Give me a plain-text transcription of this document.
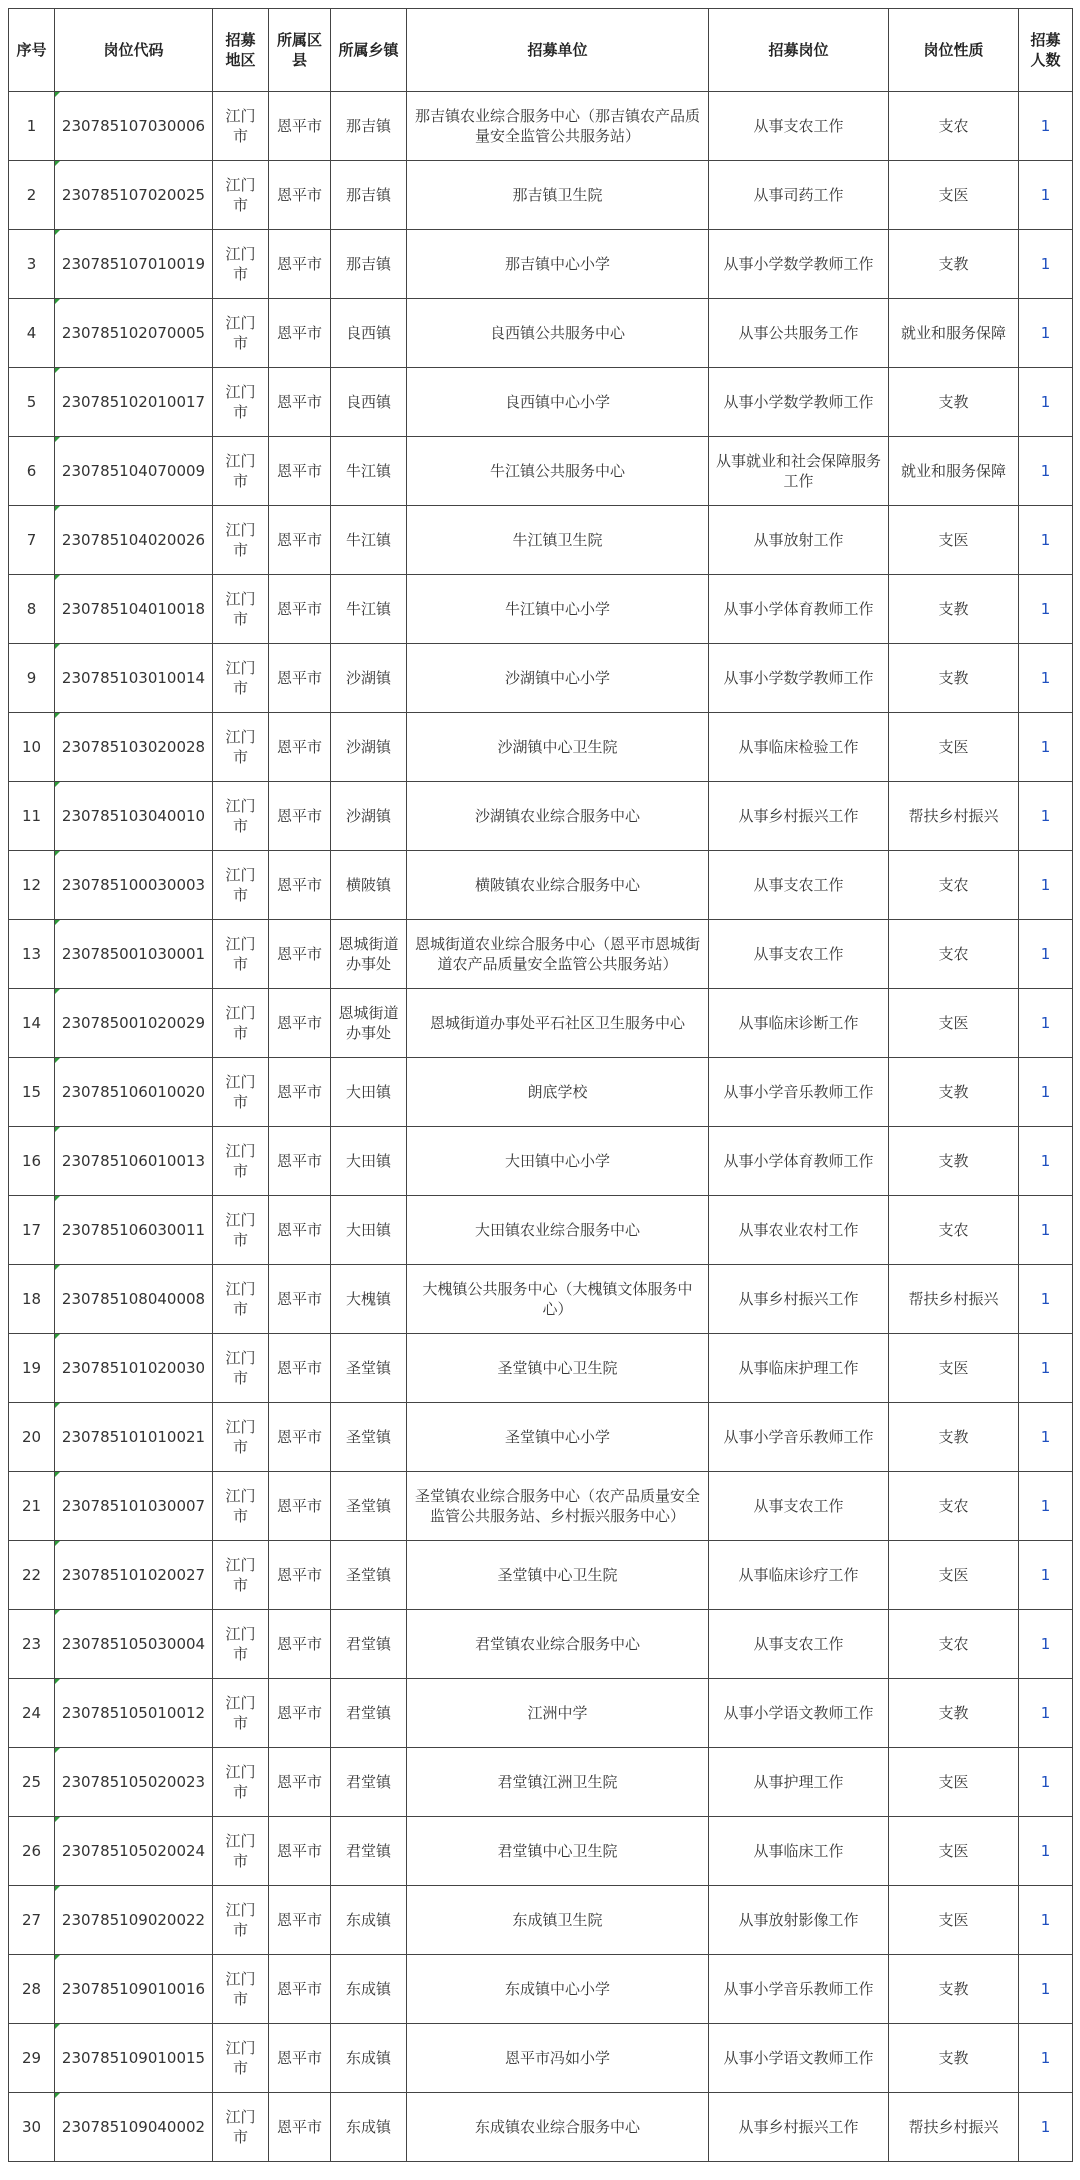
序号	岗位代码	招募地区	所属区县	所属乡镇	招募单位	招募岗位	岗位性质	招募人数
1	230785107030006	江门市	恩平市	那吉镇	那吉镇农业综合服务中心（那吉镇农产品质量安全监管公共服务站）	从事支农工作	支农	1
2	230785107020025	江门市	恩平市	那吉镇	那吉镇卫生院	从事司药工作	支医	1
3	230785107010019	江门市	恩平市	那吉镇	那吉镇中心小学	从事小学数学教师工作	支教	1
4	230785102070005	江门市	恩平市	良西镇	良西镇公共服务中心	从事公共服务工作	就业和服务保障	1
5	230785102010017	江门市	恩平市	良西镇	良西镇中心小学	从事小学数学教师工作	支教	1
6	230785104070009	江门市	恩平市	牛江镇	牛江镇公共服务中心	从事就业和社会保障服务工作	就业和服务保障	1
7	230785104020026	江门市	恩平市	牛江镇	牛江镇卫生院	从事放射工作	支医	1
8	230785104010018	江门市	恩平市	牛江镇	牛江镇中心小学	从事小学体育教师工作	支教	1
9	230785103010014	江门市	恩平市	沙湖镇	沙湖镇中心小学	从事小学数学教师工作	支教	1
10	230785103020028	江门市	恩平市	沙湖镇	沙湖镇中心卫生院	从事临床检验工作	支医	1
11	230785103040010	江门市	恩平市	沙湖镇	沙湖镇农业综合服务中心	从事乡村振兴工作	帮扶乡村振兴	1
12	230785100030003	江门市	恩平市	横陂镇	横陂镇农业综合服务中心	从事支农工作	支农	1
13	230785001030001	江门市	恩平市	恩城街道办事处	恩城街道农业综合服务中心（恩平市恩城街道农产品质量安全监管公共服务站）	从事支农工作	支农	1
14	230785001020029	江门市	恩平市	恩城街道办事处	恩城街道办事处平石社区卫生服务中心	从事临床诊断工作	支医	1
15	230785106010020	江门市	恩平市	大田镇	朗底学校	从事小学音乐教师工作	支教	1
16	230785106010013	江门市	恩平市	大田镇	大田镇中心小学	从事小学体育教师工作	支教	1
17	230785106030011	江门市	恩平市	大田镇	大田镇农业综合服务中心	从事农业农村工作	支农	1
18	230785108040008	江门市	恩平市	大槐镇	大槐镇公共服务中心（大槐镇文体服务中心）	从事乡村振兴工作	帮扶乡村振兴	1
19	230785101020030	江门市	恩平市	圣堂镇	圣堂镇中心卫生院	从事临床护理工作	支医	1
20	230785101010021	江门市	恩平市	圣堂镇	圣堂镇中心小学	从事小学音乐教师工作	支教	1
21	230785101030007	江门市	恩平市	圣堂镇	圣堂镇农业综合服务中心（农产品质量安全监管公共服务站、乡村振兴服务中心）	从事支农工作	支农	1
22	230785101020027	江门市	恩平市	圣堂镇	圣堂镇中心卫生院	从事临床诊疗工作	支医	1
23	230785105030004	江门市	恩平市	君堂镇	君堂镇农业综合服务中心	从事支农工作	支农	1
24	230785105010012	江门市	恩平市	君堂镇	江洲中学	从事小学语文教师工作	支教	1
25	230785105020023	江门市	恩平市	君堂镇	君堂镇江洲卫生院	从事护理工作	支医	1
26	230785105020024	江门市	恩平市	君堂镇	君堂镇中心卫生院	从事临床工作	支医	1
27	230785109020022	江门市	恩平市	东成镇	东成镇卫生院	从事放射影像工作	支医	1
28	230785109010016	江门市	恩平市	东成镇	东成镇中心小学	从事小学音乐教师工作	支教	1
29	230785109010015	江门市	恩平市	东成镇	恩平市冯如小学	从事小学语文教师工作	支教	1
30	230785109040002	江门市	恩平市	东成镇	东成镇农业综合服务中心	从事乡村振兴工作	帮扶乡村振兴	1
